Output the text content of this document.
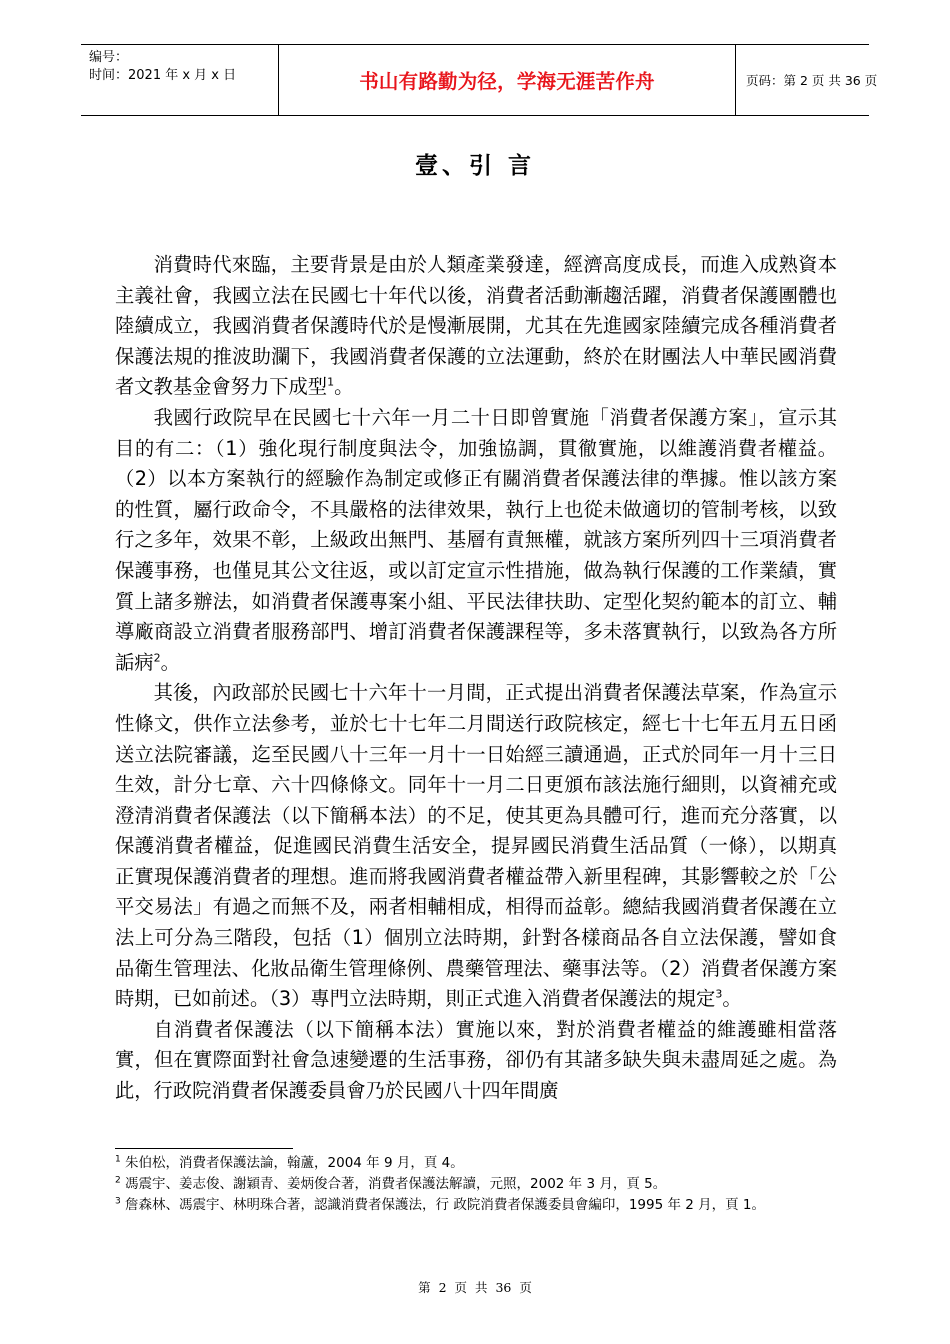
编号：
时间：2021 年 x 月 x 日	书山有路勤为径，学海无涯苦作舟	页码：第 2 页 共 36 页
壹、引 言

消費時代來臨，主要背景是由於人類產業發達，經濟高度成長，而進入成熟資本主義社會，我國立法在民國七十年代以後，消費者活動漸趨活躍，消費者保護團體也陸續成立，我國消費者保護時代於是慢漸展開，尤其在先進國家陸續完成各種消費者保護法規的推波助瀾下，我國消費者保護的立法運動，終於在財團法人中華民國消費者文教基金會努力下成型$^1$。

我國行政院早在民國七十六年一月二十日即曾實施「消費者保護方案」，宣示其目的有二：（1）強化現行制度與法令，加強協調，貫徹實施，以維護消費者權益。（2）以本方案執行的經驗作為制定或修正有關消費者保護法律的準據。惟以該方案的性質，屬行政命令，不具嚴格的法律效果，執行上也從未做適切的管制考核，以致行之多年，效果不彰，上級政出無門、基層有責無權，就該方案所列四十三項消費者保護事務，也僅見其公文往返，或以訂定宣示性措施，做為執行保護的工作業績，實質上諸多辦法，如消費者保護專案小組、平民法律扶助、定型化契約範本的訂立、輔導廠商設立消費者服務部門、增訂消費者保護課程等，多未落實執行，以致為各方所詬病$^2$。

其後，內政部於民國七十六年十一月間，正式提出消費者保護法草案，作為宣示性條文，供作立法參考，並於七十七年二月間送行政院核定，經七十七年五月五日函送立法院審議，迄至民國八十三年一月十一日始經三讀通過，正式於同年一月十三日生效，計分七章、六十四條條文。同年十一月二日更頒布該法施行細則，以資補充或澄清消費者保護法（以下簡稱本法）的不足，使其更為具體可行，進而充分落實，以保護消費者權益，促進國民消費生活安全，提昇國民消費生活品質（一條），以期真正實現保護消費者的理想。進而將我國消費者權益帶入新里程碑，其影響較之於「公平交易法」有過之而無不及，兩者相輔相成，相得而益彰。總結我國消費者保護在立法上可分為三階段，包括（1）個別立法時期，針對各樣商品各自立法保護，譬如食品衛生管理法、化妝品衛生管理條例、農藥管理法、藥事法等。（2）消費者保護方案時期，已如前述。（3）專門立法時期，則正式進入消費者保護法的規定$^3$。

自消費者保護法（以下簡稱本法）實施以來，對於消費者權益的維護雖相當落實，但在實際面對社會急速變遷的生活事務，卻仍有其諸多缺失與未盡周延之處。為此，行政院消費者保護委員會乃於民國八十四年間廣

$^1$ 朱伯松，消費者保護法論，翰蘆，2004 年 9 月，頁 4。
$^2$ 馮震宇、姜志俊、謝穎青、姜炳俊合著，消費者保護法解讀，元照，2002 年 3 月，頁 5。
$^3$ 詹森林、馮震宇、林明珠合著，認識消費者保護法，行 政院消費者保護委員會編印，1995 年 2 月，頁 1。
第 2 页 共 36 页
